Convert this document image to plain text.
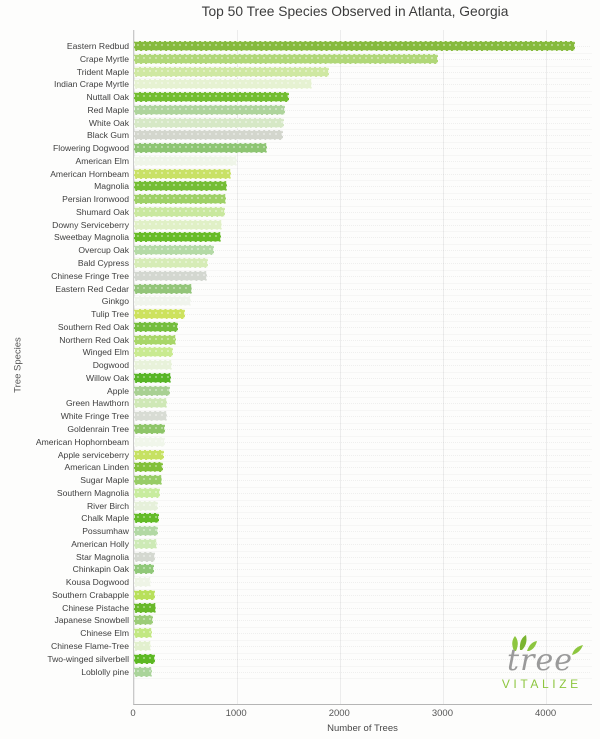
Top 50 Tree Species Observed in Atlanta, Georgia
Tree Species
Eastern Redbud
Crape Myrtle
Trident Maple
Indian Crape Myrtle
Nuttall Oak
Red Maple
White Oak
Black Gum
Flowering Dogwood
American Elm
American Hornbeam
Magnolia
Persian Ironwood
Shumard Oak
Downy Serviceberry
Sweetbay Magnolia
Overcup Oak
Bald Cypress
Chinese Fringe Tree
Eastern Red Cedar
Ginkgo
Tulip Tree
Southern Red Oak
Northern Red Oak
Winged Elm
Dogwood
Willow Oak
Apple
Green Hawthorn
White Fringe Tree
Goldenrain Tree
American Hophornbeam
Apple serviceberry
American Linden
Sugar Maple
Southern Magnolia
River Birch
Chalk Maple
Possumhaw
American Holly
Star Magnolia
Chinkapin Oak
Kousa Dogwood
Southern Crabapple
Chinese Pistache
Japanese Snowbell
Chinese Elm
Chinese Flame-Tree
Two-winged silverbell
Loblolly pine
0	1000	2000	3000	4000
Number of Trees
tree
VITALIZE
